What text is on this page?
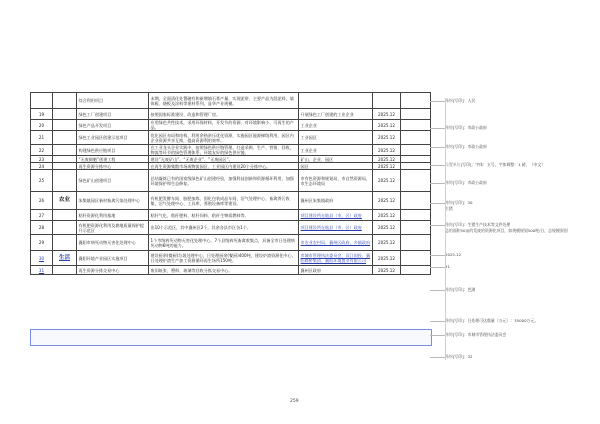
		综合利用项目	末期，全面清化处置磁有和新增填石膏产量，实现泥带，主要产品为混泥料，墙体板、烧板及涂料等建材系列，显华产业规模。			
19		绿色工厂创建项目	按照国家标准建设、改造和管理厂房。	开展绿色工厂创建的工业企业	2025.12	
20		绿色产品开发项目	应用绿色共性技术，采用环保材料，开发节约资源、对环境影响小、可再生的产品。	工业企业	2025.12	
21		绿色工业园区创建示范项目	优化园区布局和结构，利用余热余压优化资源，实施园区能源梯级利用，园区内企业资源共享互换，提高资源利用效率。	工业园区	2025.12	
22		构建绿色供应链项目	在工业龙头企业实践中，按照绿色供应链管理，打造采购、生产、营销、回收、物流等环节的绿色管理体系，环境友好的绿色供应链。	工业企业	2025.12	
23		“无废细胞”创建工程	建设“无废矿山”、“无废企业”、“无废园区”。	矿山、企业、园区	2025.12	
24		再生资源分拣中心	在再生资源集散市场或物流园区、工业园区内建设20个分拣中心。	园区	2025.12	
25		绿色矿山创建项目	总结凝练已有的国家级绿色矿山创建经验，加强科技创新和资源循环利用，加强环境保护和生态修复。	市有色资源和规划局、市自然资源局，市生态环境局	2025.12	
26	农业	朱集镇园区新材畜禽污染处理中心	有机肥发酵车间、胶肥加炼、固化包装成品车间、沼气处理中心、畜禽粪污收集，沼气处理中心、工具库、养殖设备库等建设。	襄州区朱集镇政府	2025.12	
27		秸秆资源化利用基地	秸秆气化、秸秆肥料、秸秆饲料、秸秆生物质燃料等。	项目建设所在地县（市、区）政府	2025.12	
28		有机肥资源化利用及耕地质量保护提升示范区	出10个示范区，其中襄州区2个，其余各县市区各1个。	项目建设所在地县（市、区）政府	2025.12	
29		襄阳市病死动物无害化处理中心	1个市级病死动物无害化处理中心，7个县级病死畜禽收集点，具备全市日处理病死动物6吨的能力。	市农业农村局、襄州区政府，乡镇政府	2025.12	
30	生活	襄阳环境产业园区实施项目	建设厨余(餐厨)垃圾处理中心，日处理厨余(餐厨)400吨，建设炉渣资源化中心，日处理炉渣生产加工资源循环再生场所150吨。	市城市管理执法委员会、汉江国投、襄阳路桥集团、襄阳环境置业有限公司	2025.12	
31		再生资源分拣交易中心	废旧纸张、塑料、玻璃等回收分拣交易中心。	襄州区政府	2025.12	
豫锦[写印]：人民
豫锦[写印]：市政公政府
豫锦[写印]：市政公政府
设置单位[写印]：字体：五号，字体调整：1 磅，（中文）
豫锦[写印]：市政公政府
豫锦[写印]：30
生猪
豫锦[写印]：生猪生产技术等文件处理
总的面积50亩的荒废的资源化项目，如规模规划500吨/日，总规模原创
2025.12
31
豫锦[写印]：芭湖
豫锦[写印]：日处理可达数量（万元）：35000万元。
豫锦[写印]：市城市管理执法委员会
豫锦[写印]：32
259
